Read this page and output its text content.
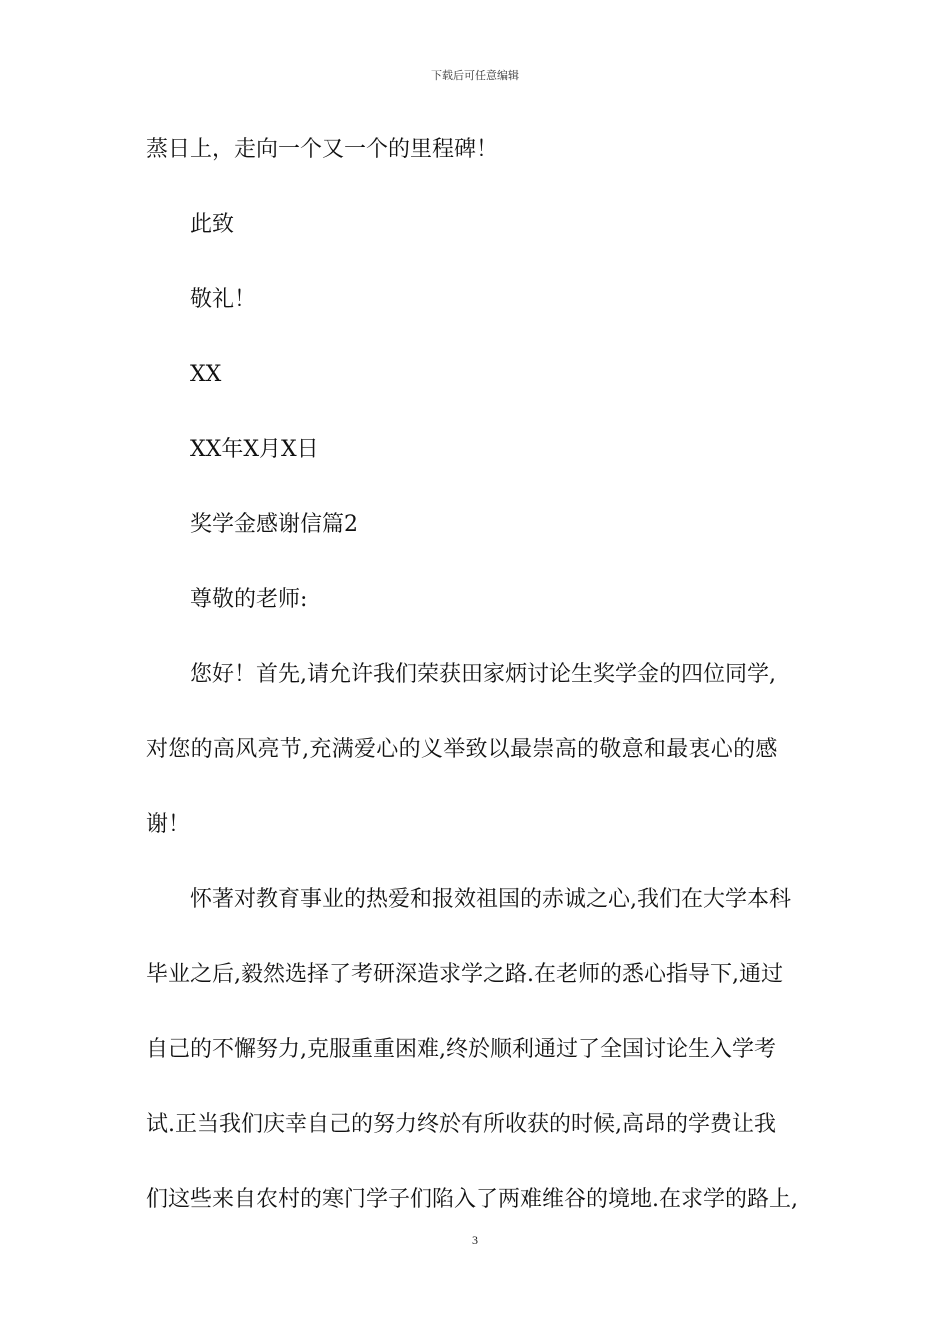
下载后可任意编辑
蒸日上，走向一个又一个的里程碑！
此致
敬礼！
XX
XX年X月X日
奖学金感谢信篇2
尊敬的老师:
您好！首先,请允许我们荣获田家炳讨论生奖学金的四位同学,
对您的高风亮节,充满爱心的义举致以最崇高的敬意和最衷心的感
谢！
怀著对教育事业的热爱和报效祖国的赤诚之心,我们在大学本科
毕业之后,毅然选择了考研深造求学之路.在老师的悉心指导下,通过
自己的不懈努力,克服重重困难,终於顺利通过了全国讨论生入学考
试.正当我们庆幸自己的努力终於有所收获的时候,高昂的学费让我
们这些来自农村的寒门学子们陷入了两难维谷的境地.在求学的路上,
3
